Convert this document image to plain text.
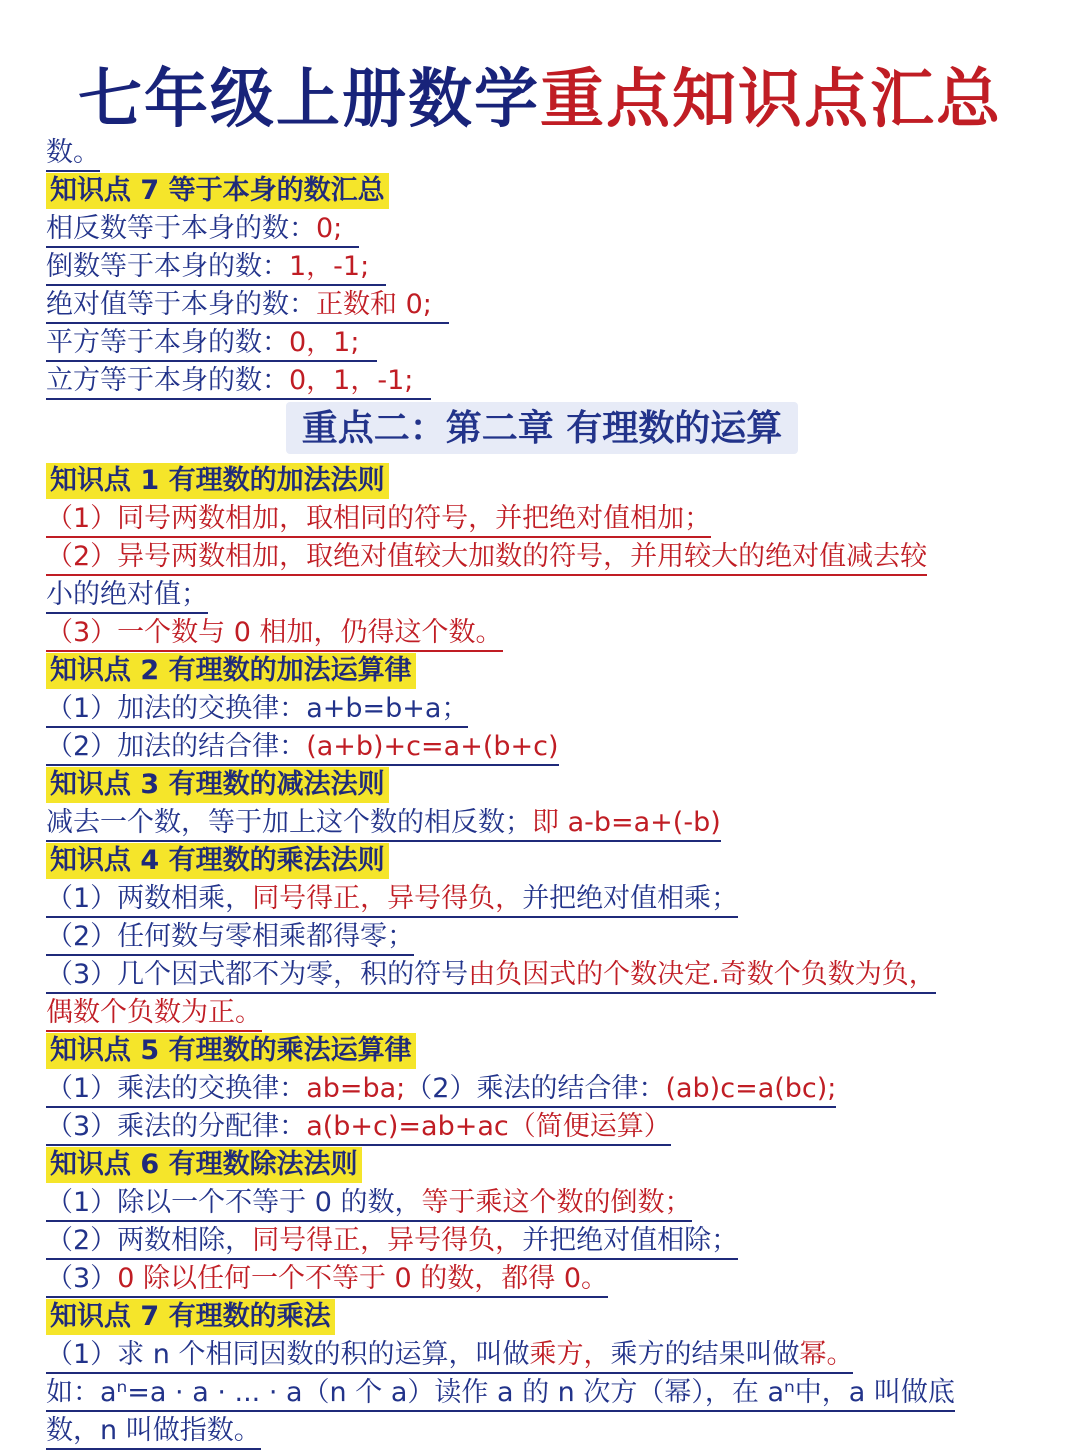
七年级上册数学重点知识点汇总
数。
知识点 7 等于本身的数汇总
相反数等于本身的数：0;
倒数等于本身的数：1，-1;
绝对值等于本身的数：正数和 0;
平方等于本身的数：0，1;
立方等于本身的数：0，1，-1;
重点二：第二章 有理数的运算
知识点 1 有理数的加法法则
（1）同号两数相加，取相同的符号，并把绝对值相加；
（2）异号两数相加，取绝对值较大加数的符号，并用较大的绝对值减去较
小的绝对值；
（3）一个数与 0 相加，仍得这个数。
知识点 2 有理数的加法运算律
（1）加法的交换律：a+b=b+a；
（2）加法的结合律：(a+b)+c=a+(b+c)
知识点 3 有理数的减法法则
减去一个数，等于加上这个数的相反数；即 a-b=a+(-b)
知识点 4 有理数的乘法法则
（1）两数相乘，同号得正，异号得负，并把绝对值相乘；
（2）任何数与零相乘都得零；
（3）几个因式都不为零，积的符号由负因式的个数决定.奇数个负数为负，
偶数个负数为正。
知识点 5 有理数的乘法运算律
（1）乘法的交换律：ab=ba;（2）乘法的结合律：(ab)c=a(bc);
（3）乘法的分配律：a(b+c)=ab+ac（简便运算）
知识点 6 有理数除法法则
（1）除以一个不等于 0 的数，等于乘这个数的倒数；
（2）两数相除，同号得正，异号得负，并把绝对值相除；
（3）0 除以任何一个不等于 0 的数，都得 0。
知识点 7 有理数的乘法
（1）求 n 个相同因数的积的运算，叫做乘方，乘方的结果叫做幂。
如：aⁿ=a · a · ... · a（n 个 a）读作 a 的 n 次方（幂），在 aⁿ中，a 叫做底
数，n 叫做指数。
